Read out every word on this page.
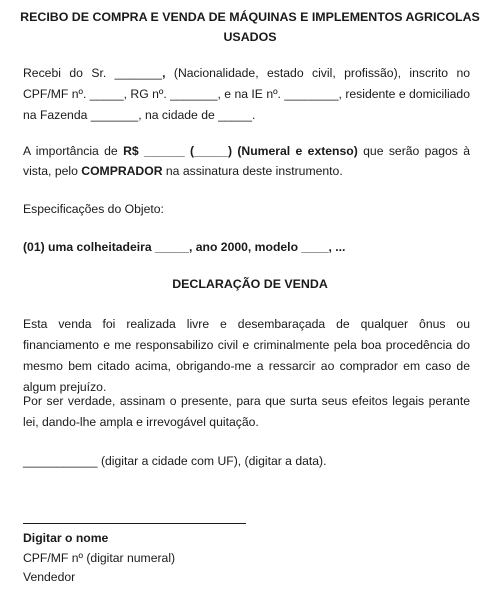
RECIBO DE COMPRA E VENDA DE MÁQUINAS E IMPLEMENTOS AGRICOLAS
USADOS
Recebi do Sr. _______, (Nacionalidade, estado civil, profissão), inscrito no CPF/MF nº. _____, RG nº. _______, e na IE nº. ________, residente e domiciliado na Fazenda _______, na cidade de _____.
A importância de R$ ______ (_____) (Numeral e extenso) que serão pagos à vista, pelo COMPRADOR na assinatura deste instrumento.
Especificações do Objeto:
(01) uma colheitadeira _____, ano 2000, modelo ____, ...
DECLARAÇÃO DE VENDA
Esta venda foi realizada livre e desembaraçada de qualquer ônus ou financiamento e me responsabilizo civil e criminalmente pela boa procedência do mesmo bem citado acima, obrigando-me a ressarcir ao comprador em caso de algum prejuízo.
Por ser verdade, assinam o presente, para que surta seus efeitos legais perante lei, dando-lhe ampla e irrevogável quitação.
___________ (digitar a cidade com UF), (digitar a data).
Digitar o nome
CPF/MF nº (digitar numeral)
Vendedor
